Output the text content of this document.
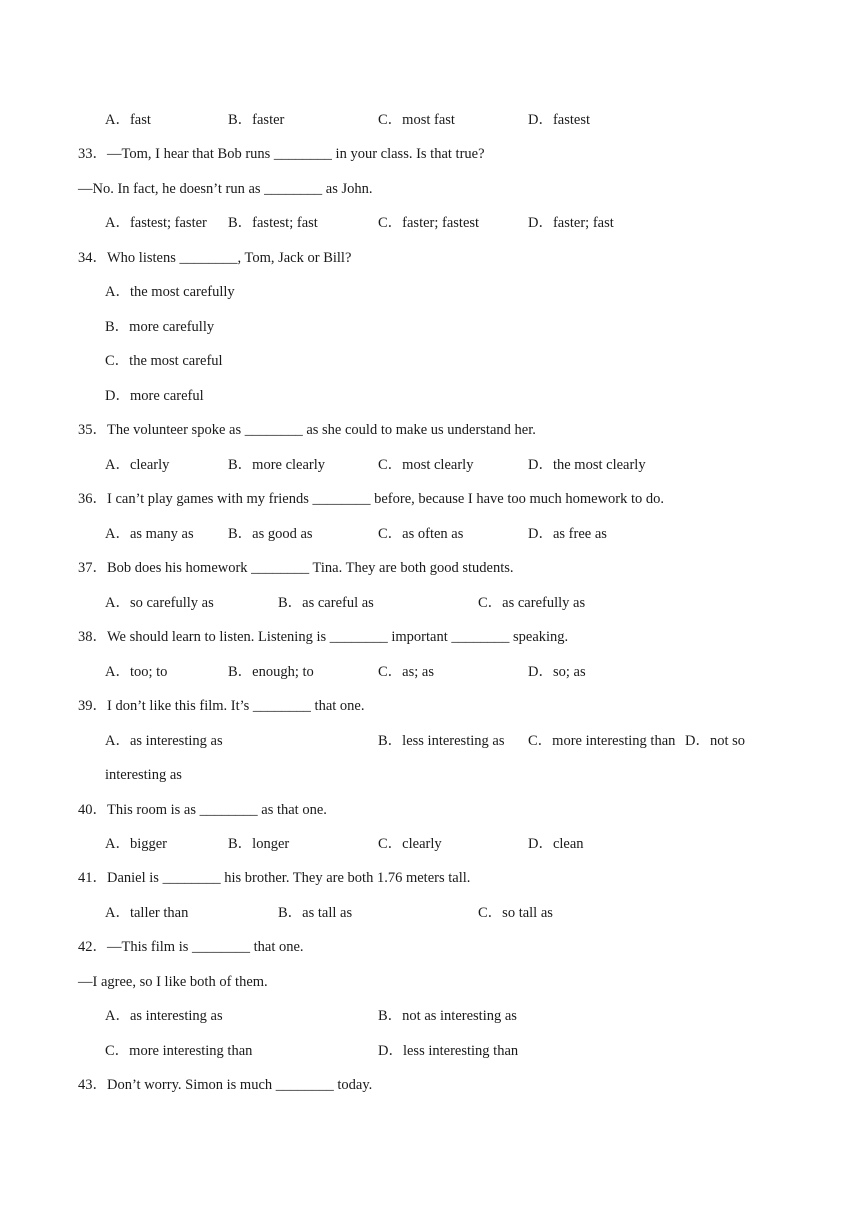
A．fast	B．faster	C．most fast	D．fastest
33．—Tom, I hear that Bob runs ________ in your class. Is that true?
—No. In fact, he doesn’t run as ________ as John.
A．fastest; faster B．fastest; fast	C．faster; fastest	D．faster; fast
34．Who listens ________, Tom, Jack or Bill?
A．the most carefully
B．more carefully
C．the most careful
D．more careful
35．The volunteer spoke as ________ as she could to make us understand her.
A．clearly	B．more clearly	C．most clearly	D．the most clearly
36．I can’t play games with my friends ________ before, because I have too much homework to do.
A．as many as B．as good as	C．as often as	D．as free as
37．Bob does his homework ________ Tina. They are both good students.
A．so carefully as	B．as careful as	C．as carefully as
38．We should learn to listen. Listening is ________ important ________ speaking.
A．too; to	B．enough; to	C．as; as	D．so; as
39．I don’t like this film. It’s ________ that one.
A．as interesting as	B．less interesting as C．more interesting than D．not so
interesting as
40．This room is as ________ as that one.
A．bigger	B．longer	C．clearly	D．clean
41．Daniel is ________ his brother. They are both 1.76 meters tall.
A．taller than	B．as tall as	C．so tall as
42．—This film is ________ that one.
—I agree, so I like both of them.
A．as interesting as	B．not as interesting as
C．more interesting than	D．less interesting than
43．Don’t worry. Simon is much ________ today.
